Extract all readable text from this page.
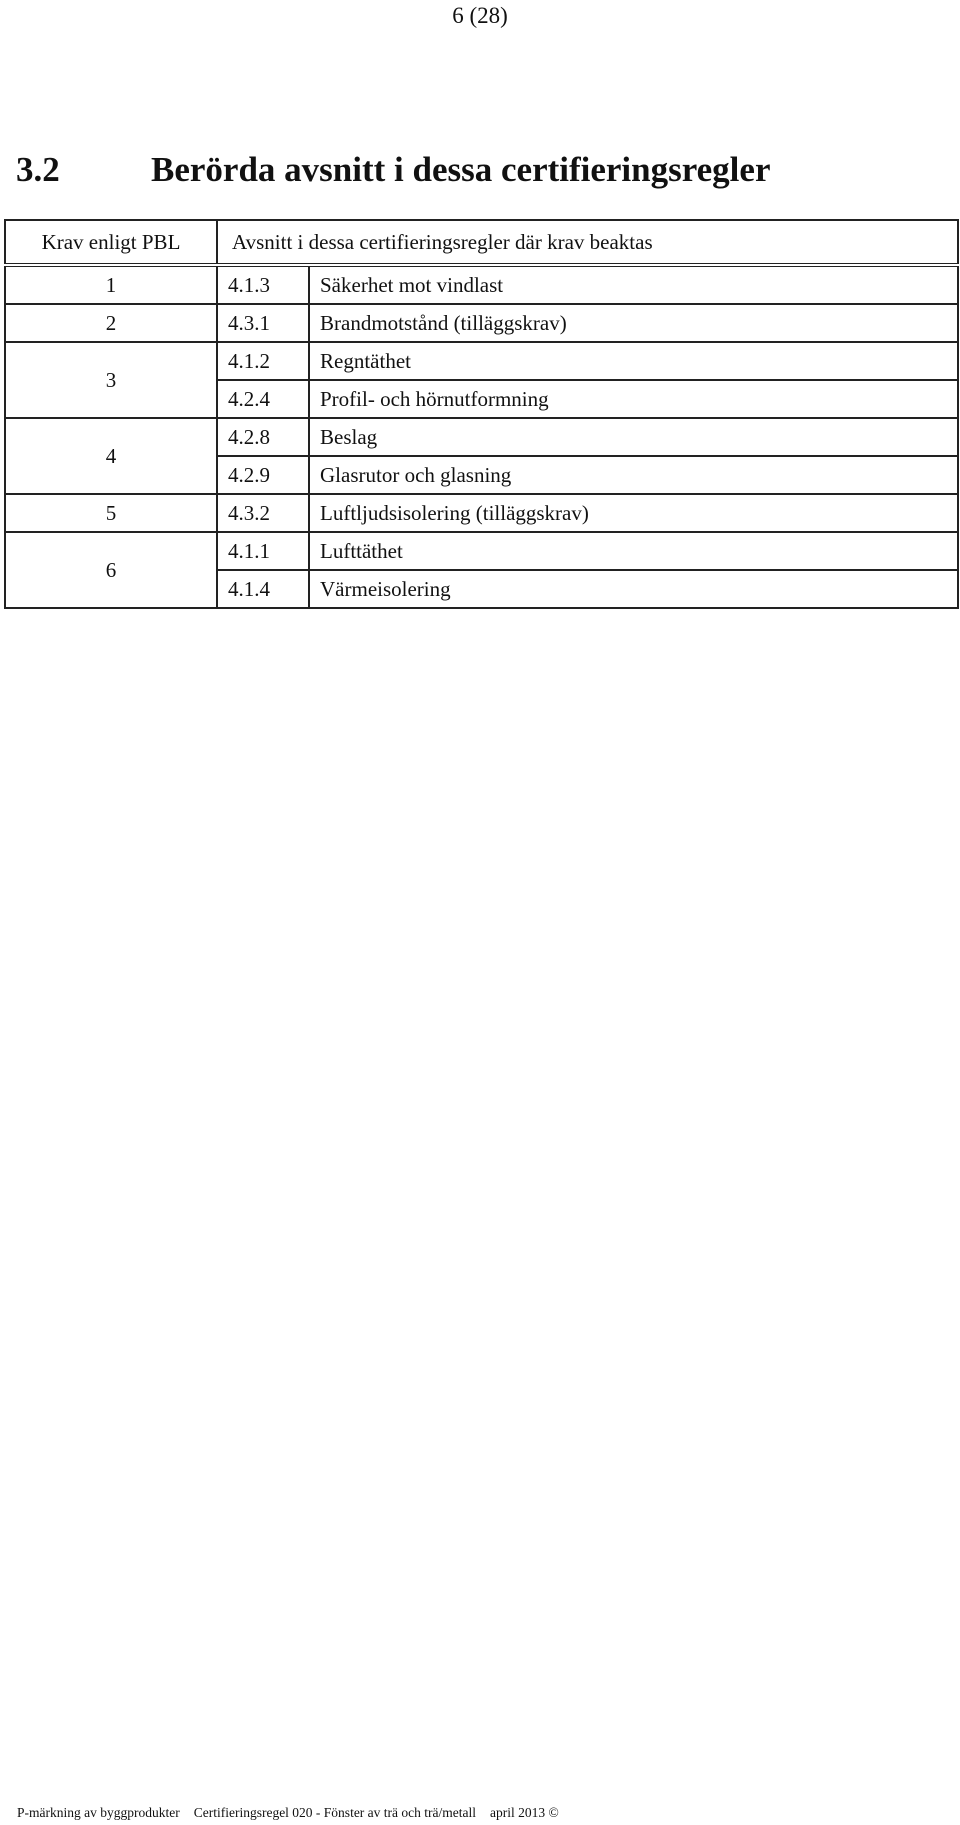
6 (28)
3.2	Berörda avsnitt i dessa certifieringsregler
Krav enligt PBL	Avsnitt i dessa certifieringsregler där krav beaktas	
1	4.1.3	Säkerhet mot vindlast
2	4.3.1	Brandmotstånd (tilläggskrav)
3	4.1.2	Regntäthet
	4.2.4	Profil- och hörnutformning
4	4.2.8	Beslag
	4.2.9	Glasrutor och glasning
5	4.3.2	Luftljudsisolering (tilläggskrav)
6	4.1.1	Lufttäthet
	4.1.4	Värmeisolering
P-märkning av byggprodukter Certifieringsregel 020 - Fönster av trä och trä/metall april 2013 ©
